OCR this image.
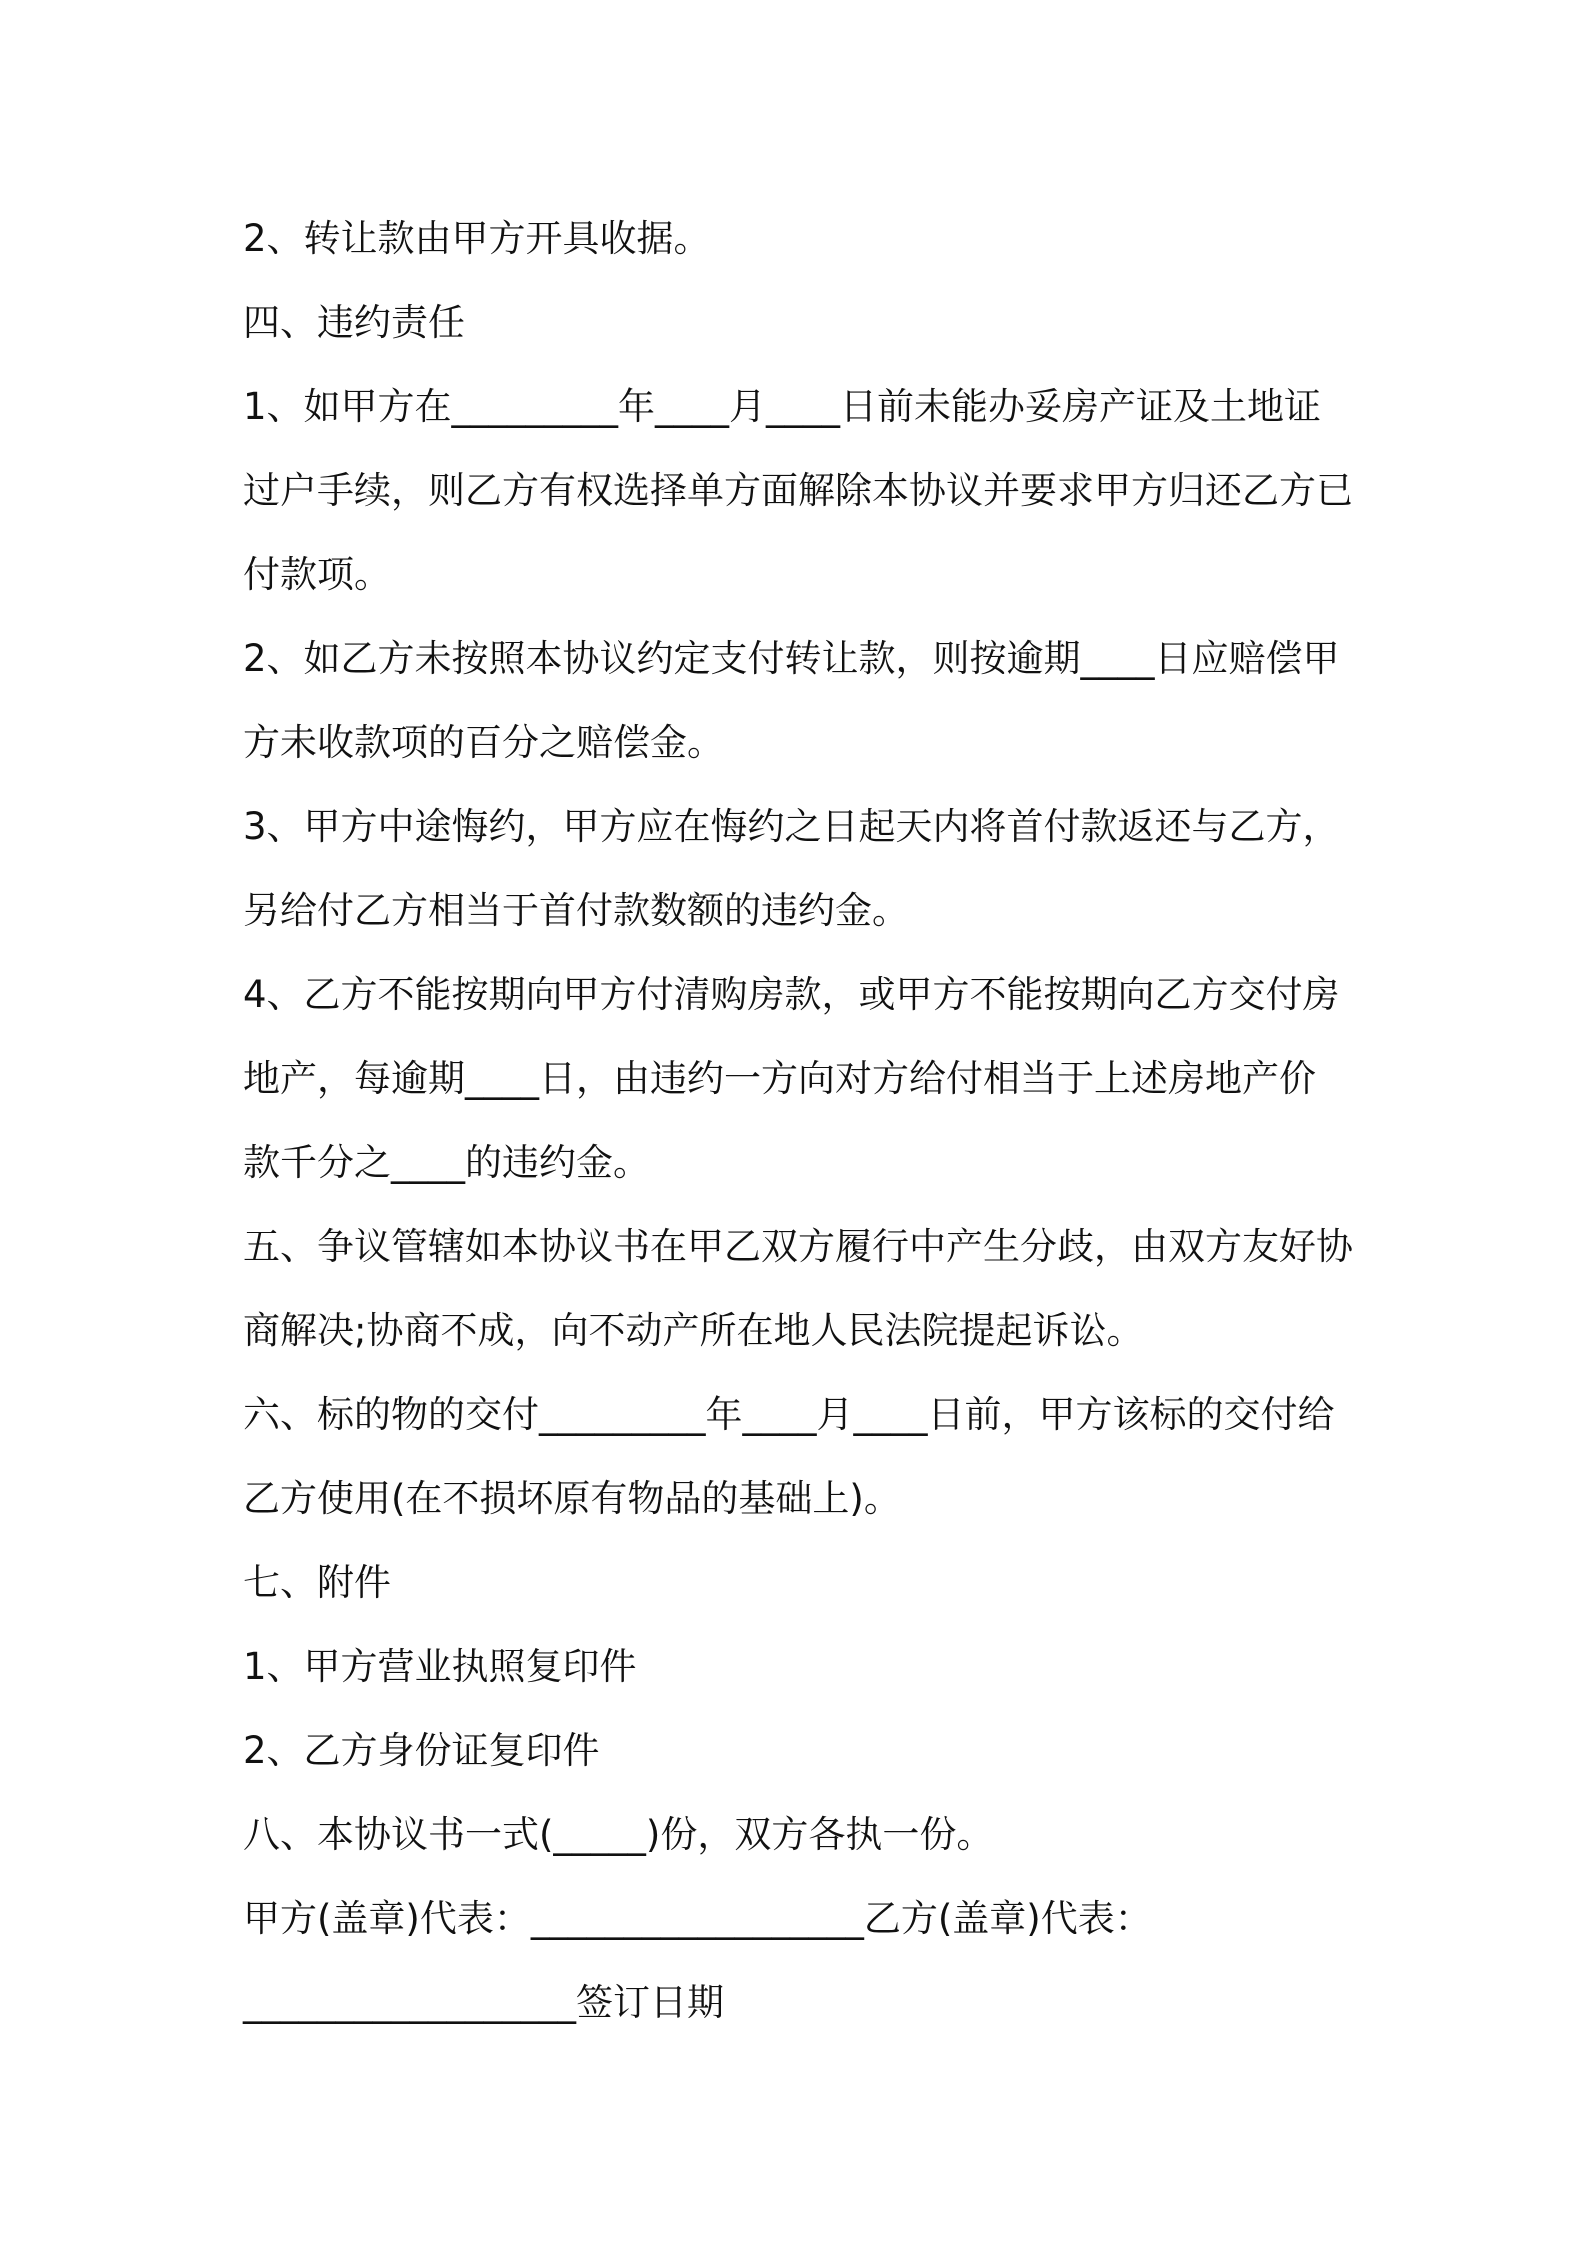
2、转让款由甲方开具收据。

四、违约责任

1、如甲方在_________年____月____日前未能办妥房产证及土地证

过户手续，则乙方有权选择单方面解除本协议并要求甲方归还乙方已

付款项。

2、如乙方未按照本协议约定支付转让款，则按逾期____日应赔偿甲

方未收款项的百分之赔偿金。

3、甲方中途悔约，甲方应在悔约之日起天内将首付款返还与乙方，

另给付乙方相当于首付款数额的违约金。

4、乙方不能按期向甲方付清购房款，或甲方不能按期向乙方交付房

地产，每逾期____日，由违约一方向对方给付相当于上述房地产价

款千分之____的违约金。

五、争议管辖如本协议书在甲乙双方履行中产生分歧，由双方友好协

商解决;协商不成，向不动产所在地人民法院提起诉讼。

六、标的物的交付_________年____月____日前，甲方该标的交付给

乙方使用(在不损坏原有物品的基础上)。

七、附件

1、甲方营业执照复印件

2、乙方身份证复印件

八、本协议书一式(_____)份，双方各执一份。

甲方(盖章)代表：__________________乙方(盖章)代表：

__________________签订日期
